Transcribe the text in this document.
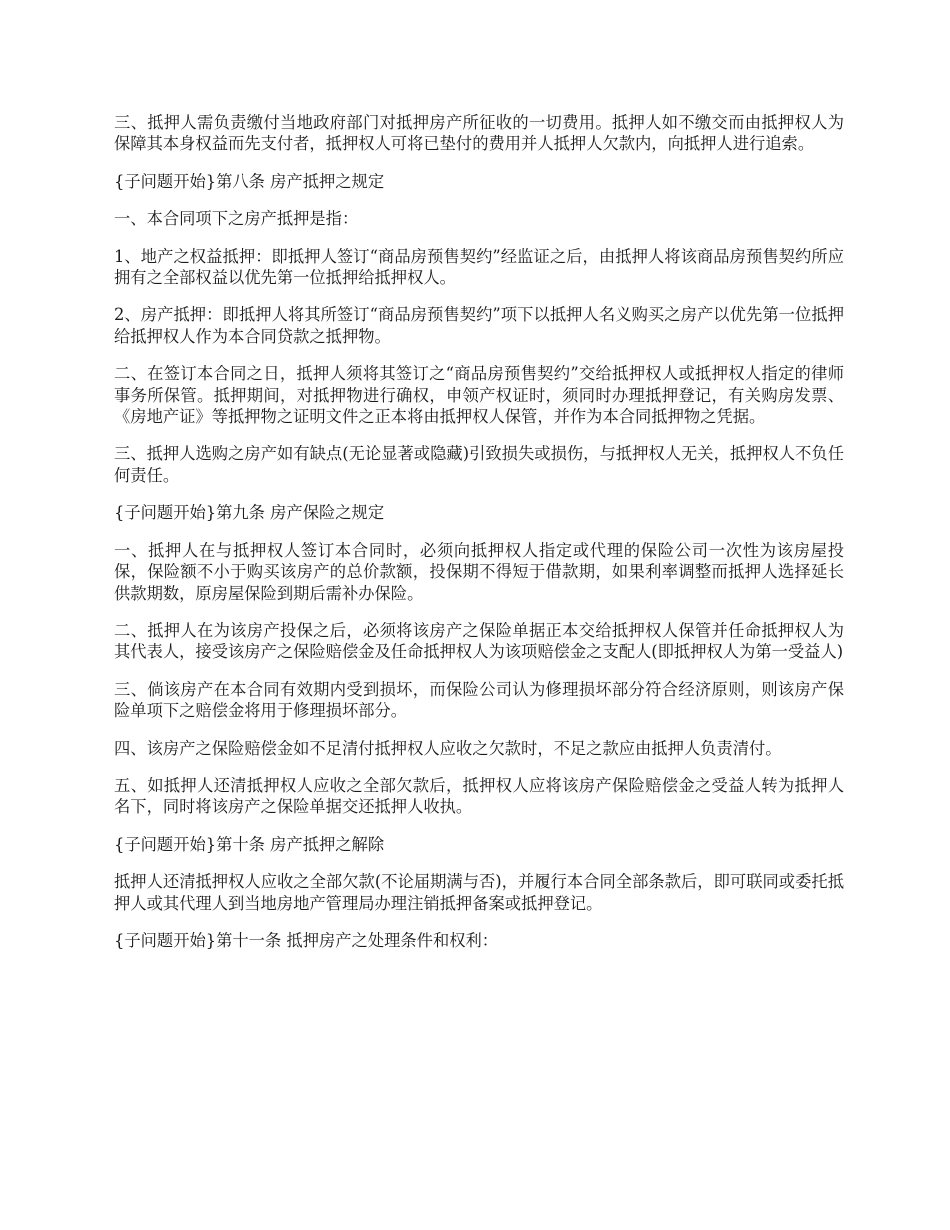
三、抵押人需负责缴付当地政府部门对抵押房产所征收的一切费用。抵押人如不缴交而由抵押权人为保障其本身权益而先支付者，抵押权人可将已垫付的费用并人抵押人欠款内，向抵押人进行追索。

{子问题开始}第八条 房产抵押之规定

一、本合同项下之房产抵押是指：

1、地产之权益抵押：即抵押人签订“商品房预售契约”经监证之后，由抵押人将该商品房预售契约所应拥有之全部权益以优先第一位抵押给抵押权人。

2、房产抵押：即抵押人将其所签订“商品房预售契约”项下以抵押人名义购买之房产以优先第一位抵押给抵押权人作为本合同贷款之抵押物。

二、在签订本合同之日，抵押人须将其签订之“商品房预售契约”交给抵押权人或抵押权人指定的律师事务所保管。抵押期间，对抵押物进行确权，申领产权证时，须同时办理抵押登记，有关购房发票、《房地产证》等抵押物之证明文件之正本将由抵押权人保管，并作为本合同抵押物之凭据。

三、抵押人选购之房产如有缺点(无论显著或隐藏)引致损失或损伤，与抵押权人无关，抵押权人不负任何责任。

{子问题开始}第九条 房产保险之规定

一、抵押人在与抵押权人签订本合同时，必须向抵押权人指定或代理的保险公司一次性为该房屋投保，保险额不小于购买该房产的总价款额，投保期不得短于借款期，如果利率调整而抵押人选择延长供款期数，原房屋保险到期后需补办保险。

二、抵押人在为该房产投保之后，必须将该房产之保险单据正本交给抵押权人保管并任命抵押权人为其代表人，接受该房产之保险赔偿金及任命抵押权人为该项赔偿金之支配人(即抵押权人为第一受益人)

三、倘该房产在本合同有效期内受到损坏，而保险公司认为修理损坏部分符合经济原则，则该房产保险单项下之赔偿金将用于修理损坏部分。

四、该房产之保险赔偿金如不足清付抵押权人应收之欠款时，不足之款应由抵押人负责清付。

五、如抵押人还清抵押权人应收之全部欠款后，抵押权人应将该房产保险赔偿金之受益人转为抵押人名下，同时将该房产之保险单据交还抵押人收执。

{子问题开始}第十条 房产抵押之解除

抵押人还清抵押权人应收之全部欠款(不论届期满与否)，并履行本合同全部条款后，即可联同或委托抵押人或其代理人到当地房地产管理局办理注销抵押备案或抵押登记。

{子问题开始}第十一条 抵押房产之处理条件和权利：
